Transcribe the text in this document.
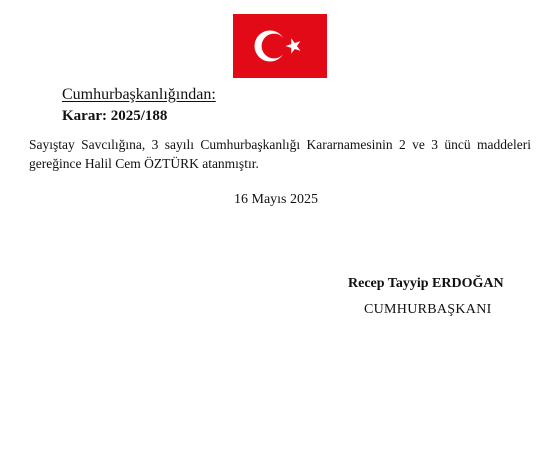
Cumhurbaşkanlığından:
Karar: 2025/188
Sayıştay Savcılığına, 3 sayılı Cumhurbaşkanlığı Kararnamesinin 2 ve 3 üncü maddeleri gereğince Halil Cem ÖZTÜRK atanmıştır.
16 Mayıs 2025
Recep Tayyip ERDOĞAN
CUMHURBAŞKANI
